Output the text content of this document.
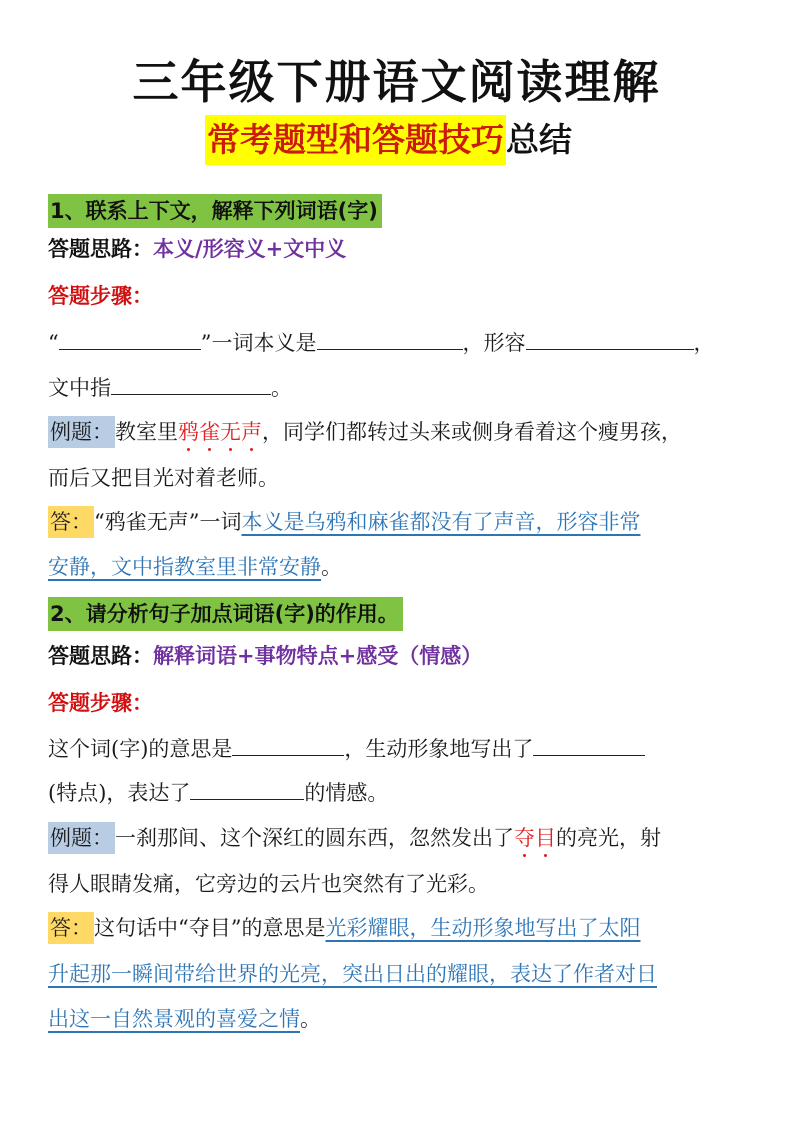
三年级下册语文阅读理解
常考题型和答题技巧总结
1、联系上下文，解释下列词语(字)
答题思路：本义/形容义+文中义
答题步骤：
“	”一词本义是	，形容	，
文中指	。
例题：教室里鸦雀无声，同学们都转过头来或侧身看着这个瘦男孩，
而后又把目光对着老师。
答：“鸦雀无声”一词本义是乌鸦和麻雀都没有了声音，形容非常
安静，文中指教室里非常安静。
2、请分析句子加点词语(字)的作用。
答题思路：解释词语+事物特点+感受（情感）
答题步骤：
这个词(字)的意思是	，生动形象地写出了
(特点)，表达了	的情感。
例题：一刹那间、这个深红的圆东西，忽然发出了夺目的亮光，射
得人眼睛发痛，它旁边的云片也突然有了光彩。
答：这句话中“夺目”的意思是光彩耀眼，生动形象地写出了太阳
升起那一瞬间带给世界的光亮，突出日出的耀眼，表达了作者对日
出这一自然景观的喜爱之情。
